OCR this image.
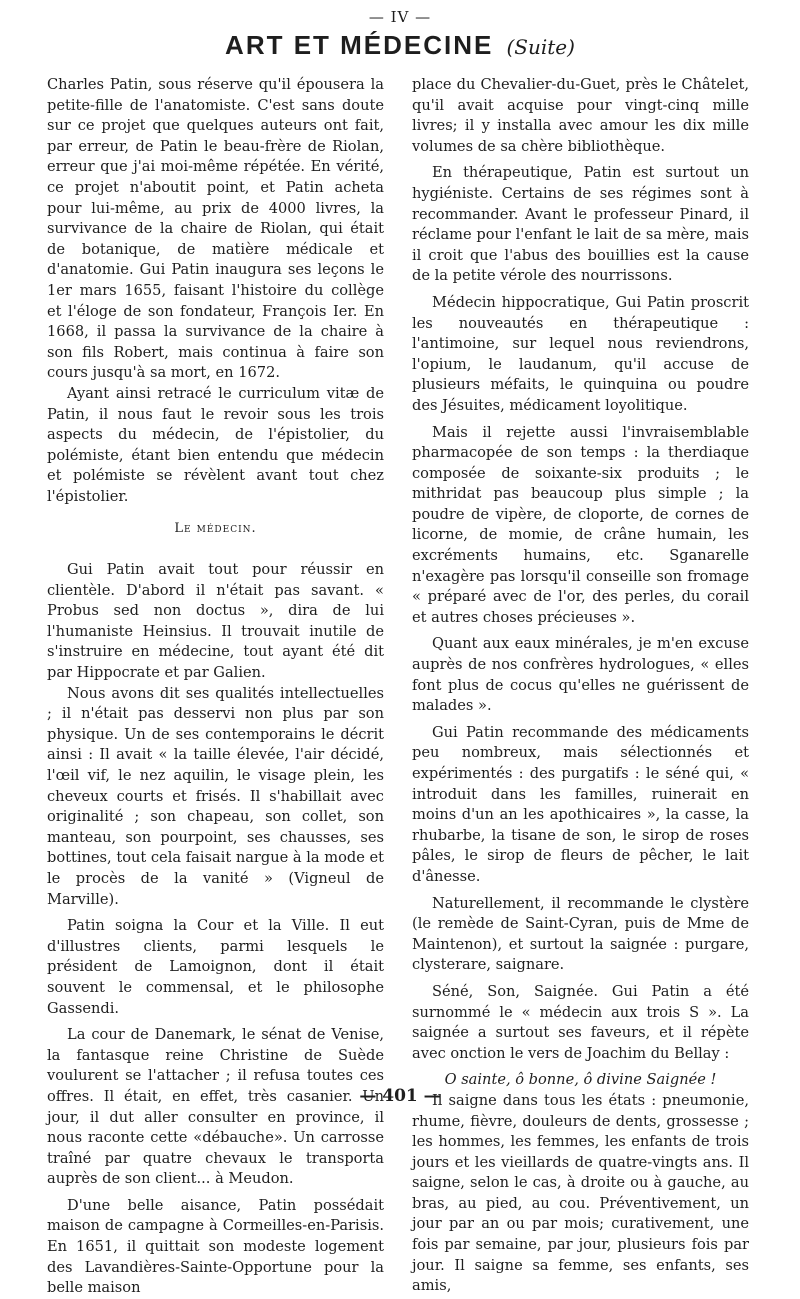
— IV —
ART ET MÉDECINE (Suite)

Charles Patin, sous réserve qu'il épousera la petite-fille de l'anatomiste. C'est sans doute sur ce projet que quelques auteurs ont fait, par erreur, de Patin le beau-frère de Riolan, erreur que j'ai moi-même répétée. En vérité, ce projet n'aboutit point, et Patin acheta pour lui-même, au prix de 4000 livres, la survivance de la chaire de Riolan, qui était de botanique, de matière médicale et d'anatomie. Gui Patin inaugura ses leçons le 1er mars 1655, faisant l'histoire du collège et l'éloge de son fondateur, François Ier. En 1668, il passa la survivance de la chaire à son fils Robert, mais continua à faire son cours jusqu'à sa mort, en 1672.

Ayant ainsi retracé le curriculum vitæ de Patin, il nous faut le revoir sous les trois aspects du médecin, de l'épistolier, du polémiste, étant bien entendu que médecin et polémiste se révèlent avant tout chez l'épistolier.

Le médecin.

Gui Patin avait tout pour réussir en clientèle. D'abord il n'était pas savant. « Probus sed non doctus », dira de lui l'humaniste Heinsius. Il trouvait inutile de s'instruire en médecine, tout ayant été dit par Hippocrate et par Galien.

Nous avons dit ses qualités intellectuelles ; il n'était pas desservi non plus par son physique. Un de ses contemporains le décrit ainsi : Il avait « la taille élevée, l'air décidé, l'œil vif, le nez aquilin, le visage plein, les cheveux courts et frisés. Il s'habillait avec originalité ; son chapeau, son collet, son manteau, son pourpoint, ses chausses, ses bottines, tout cela faisait nargue à la mode et le procès de la vanité » (Vigneul de Marville).

Patin soigna la Cour et la Ville. Il eut d'illustres clients, parmi lesquels le président de Lamoignon, dont il était souvent le commensal, et le philosophe Gassendi.

La cour de Danemark, le sénat de Venise, la fantasque reine Christine de Suède voulurent se l'attacher ; il refusa toutes ces offres. Il était, en effet, très casanier. Un jour, il dut aller consulter en province, il nous raconte cette «débauche». Un carrosse traîné par quatre chevaux le transporta auprès de son client... à Meudon.

D'une belle aisance, Patin possédait maison de campagne à Cormeilles-en-Parisis. En 1651, il quittait son modeste logement des Lavandières-Sainte-Opportune pour la belle maison

place du Chevalier-du-Guet, près le Châtelet, qu'il avait acquise pour vingt-cinq mille livres; il y installa avec amour les dix mille volumes de sa chère bibliothèque.

En thérapeutique, Patin est surtout un hygiéniste. Certains de ses régimes sont à recommander. Avant le professeur Pinard, il réclame pour l'enfant le lait de sa mère, mais il croit que l'abus des bouillies est la cause de la petite vérole des nourrissons.

Médecin hippocratique, Gui Patin proscrit les nouveautés en thérapeutique : l'antimoine, sur lequel nous reviendrons, l'opium, le laudanum, qu'il accuse de plusieurs méfaits, le quinquina ou poudre des Jésuites, médicament loyolitique.

Mais il rejette aussi l'invraisemblable pharmacopée de son temps : la therdiaque composée de soixante-six produits ; le mithridat pas beaucoup plus simple ; la poudre de vipère, de cloporte, de cornes de licorne, de momie, de crâne humain, les excréments humains, etc. Sganarelle n'exagère pas lorsqu'il conseille son fromage « préparé avec de l'or, des perles, du corail et autres choses précieuses ».

Quant aux eaux minérales, je m'en excuse auprès de nos confrères hydrologues, « elles font plus de cocus qu'elles ne guérissent de malades ».

Gui Patin recommande des médicaments peu nombreux, mais sélectionnés et expérimentés : des purgatifs : le séné qui, « introduit dans les familles, ruinerait en moins d'un an les apothicaires », la casse, la rhubarbe, la tisane de son, le sirop de roses pâles, le sirop de fleurs de pêcher, le lait d'ânesse.

Naturellement, il recommande le clystère (le remède de Saint-Cyran, puis de Mme de Maintenon), et surtout la saignée : purgare, clysterare, saignare.

Séné, Son, Saignée. Gui Patin a été surnommé le « médecin aux trois S ». La saignée a surtout ses faveurs, et il répète avec onction le vers de Joachim du Bellay :

O sainte, ô bonne, ô divine Saignée !

Il saigne dans tous les états : pneumonie, rhume, fièvre, douleurs de dents, grossesse ; les hommes, les femmes, les enfants de trois jours et les vieillards de quatre-vingts ans. Il saigne, selon le cas, à droite ou à gauche, au bras, au pied, au cou. Préventivement, un jour par an ou par mois; curativement, une fois par semaine, par jour, plusieurs fois par jour. Il saigne sa femme, ses enfants, ses amis,

— 401 —
